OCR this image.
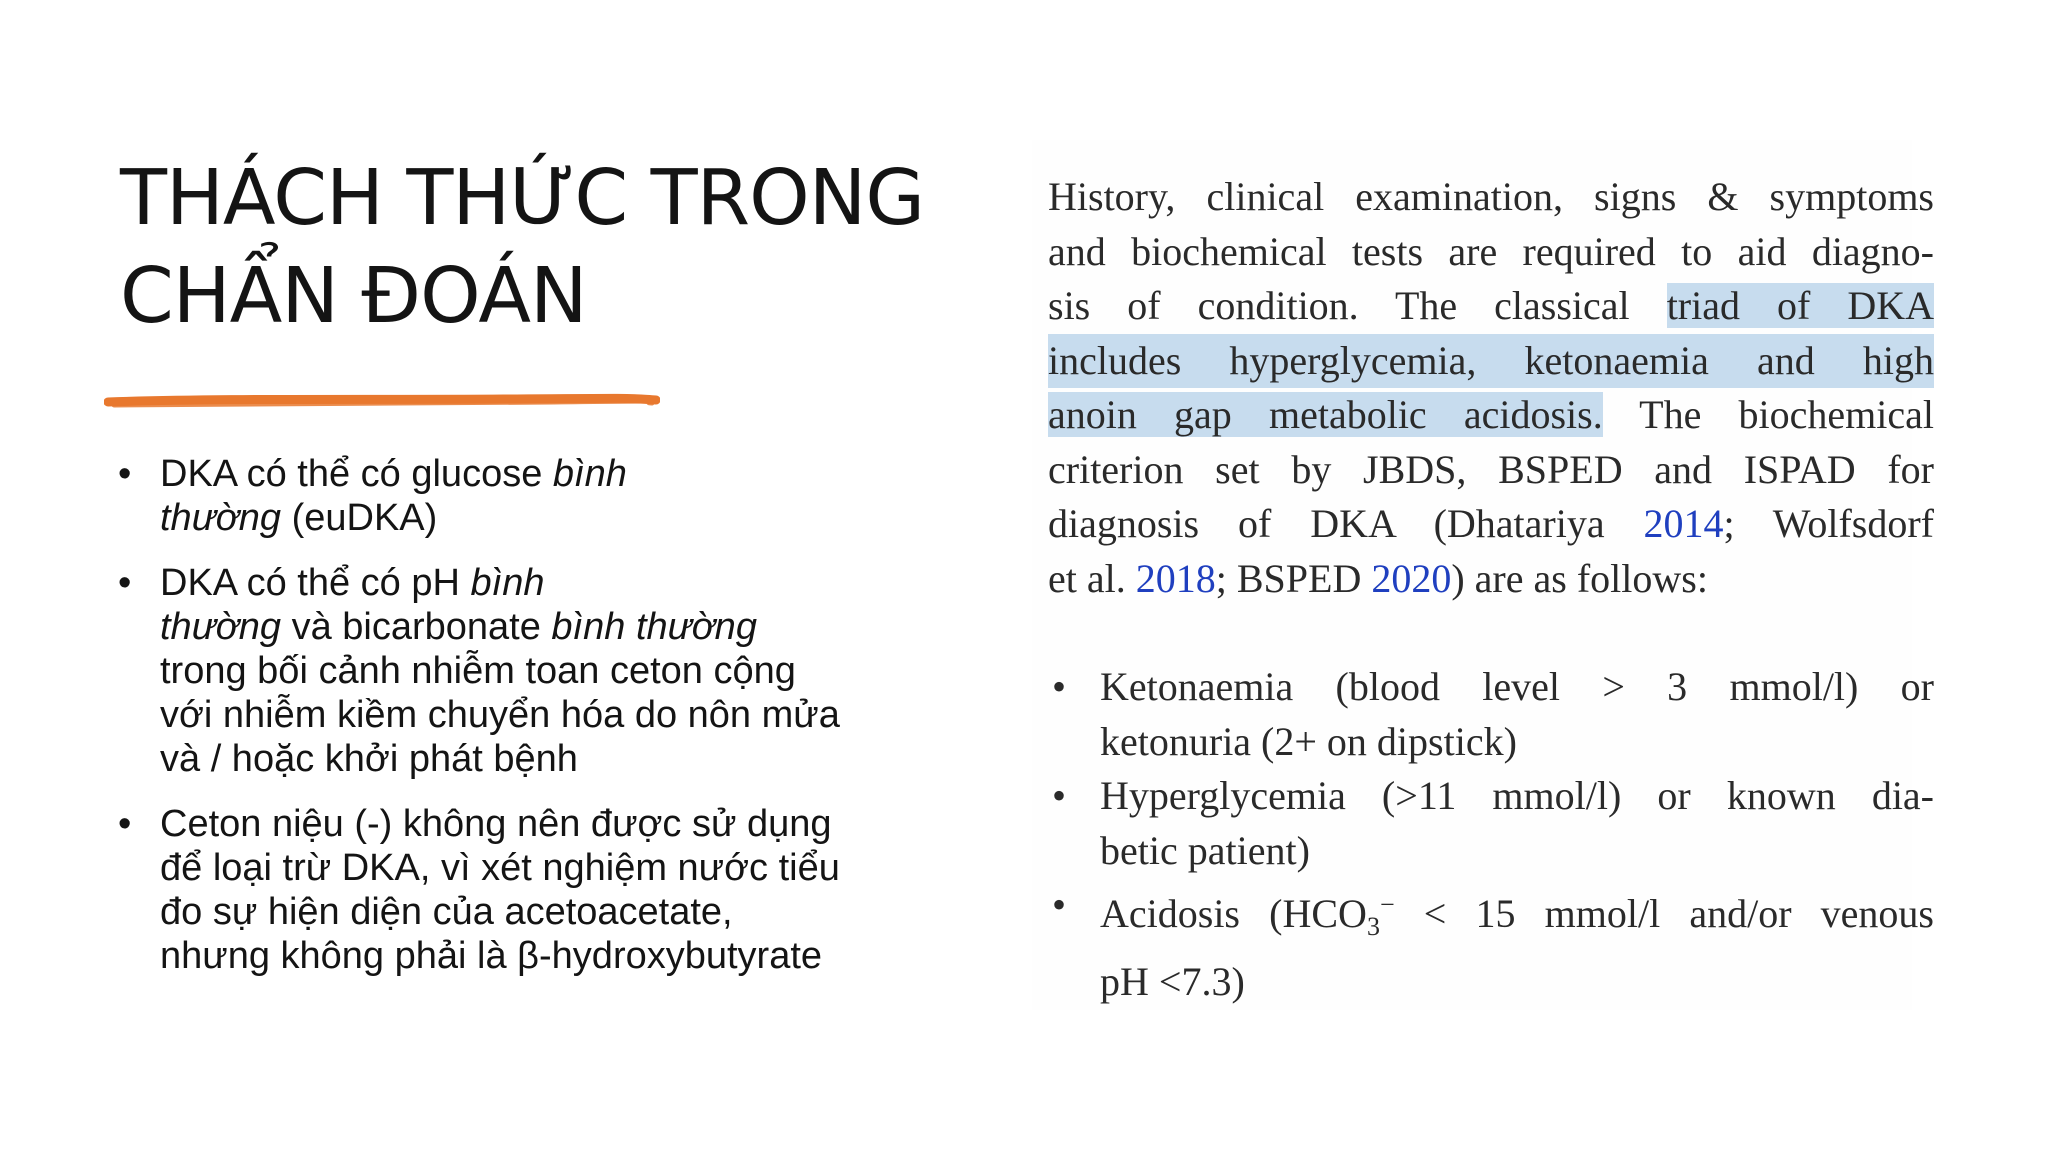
THÁCH THỨC TRONG
CHẨN ĐOÁN
• DKA có thể có glucose bình
thường (euDKA)
• DKA có thể có pH bình
thường và bicarbonate bình thường
trong bối cảnh nhiễm toan ceton cộng
với nhiễm kiềm chuyển hóa do nôn mửa
và / hoặc khởi phát bệnh
• Ceton niệu (-) không nên được sử dụng
để loại trừ DKA, vì xét nghiệm nước tiểu
đo sự hiện diện của acetoacetate,
nhưng không phải là β-hydroxybutyrate

History, clinical examination, signs & symptoms
and biochemical tests are required to aid diagno-
sis of condition. The classical triad of DKA
includes hyperglycemia, ketonaemia and high
anoin gap metabolic acidosis. The biochemical
criterion set by JBDS, BSPED and ISPAD for
diagnosis of DKA (Dhatariya 2014; Wolfsdorf
et al. 2018; BSPED 2020) are as follows:

• Ketonaemia (blood level > 3 mmol/l) or
ketonuria (2+ on dipstick)
• Hyperglycemia (>11 mmol/l) or known dia-
betic patient)
• Acidosis ($HCO_3^- < 15$ mmol/l and/or venous
pH <7.3)
